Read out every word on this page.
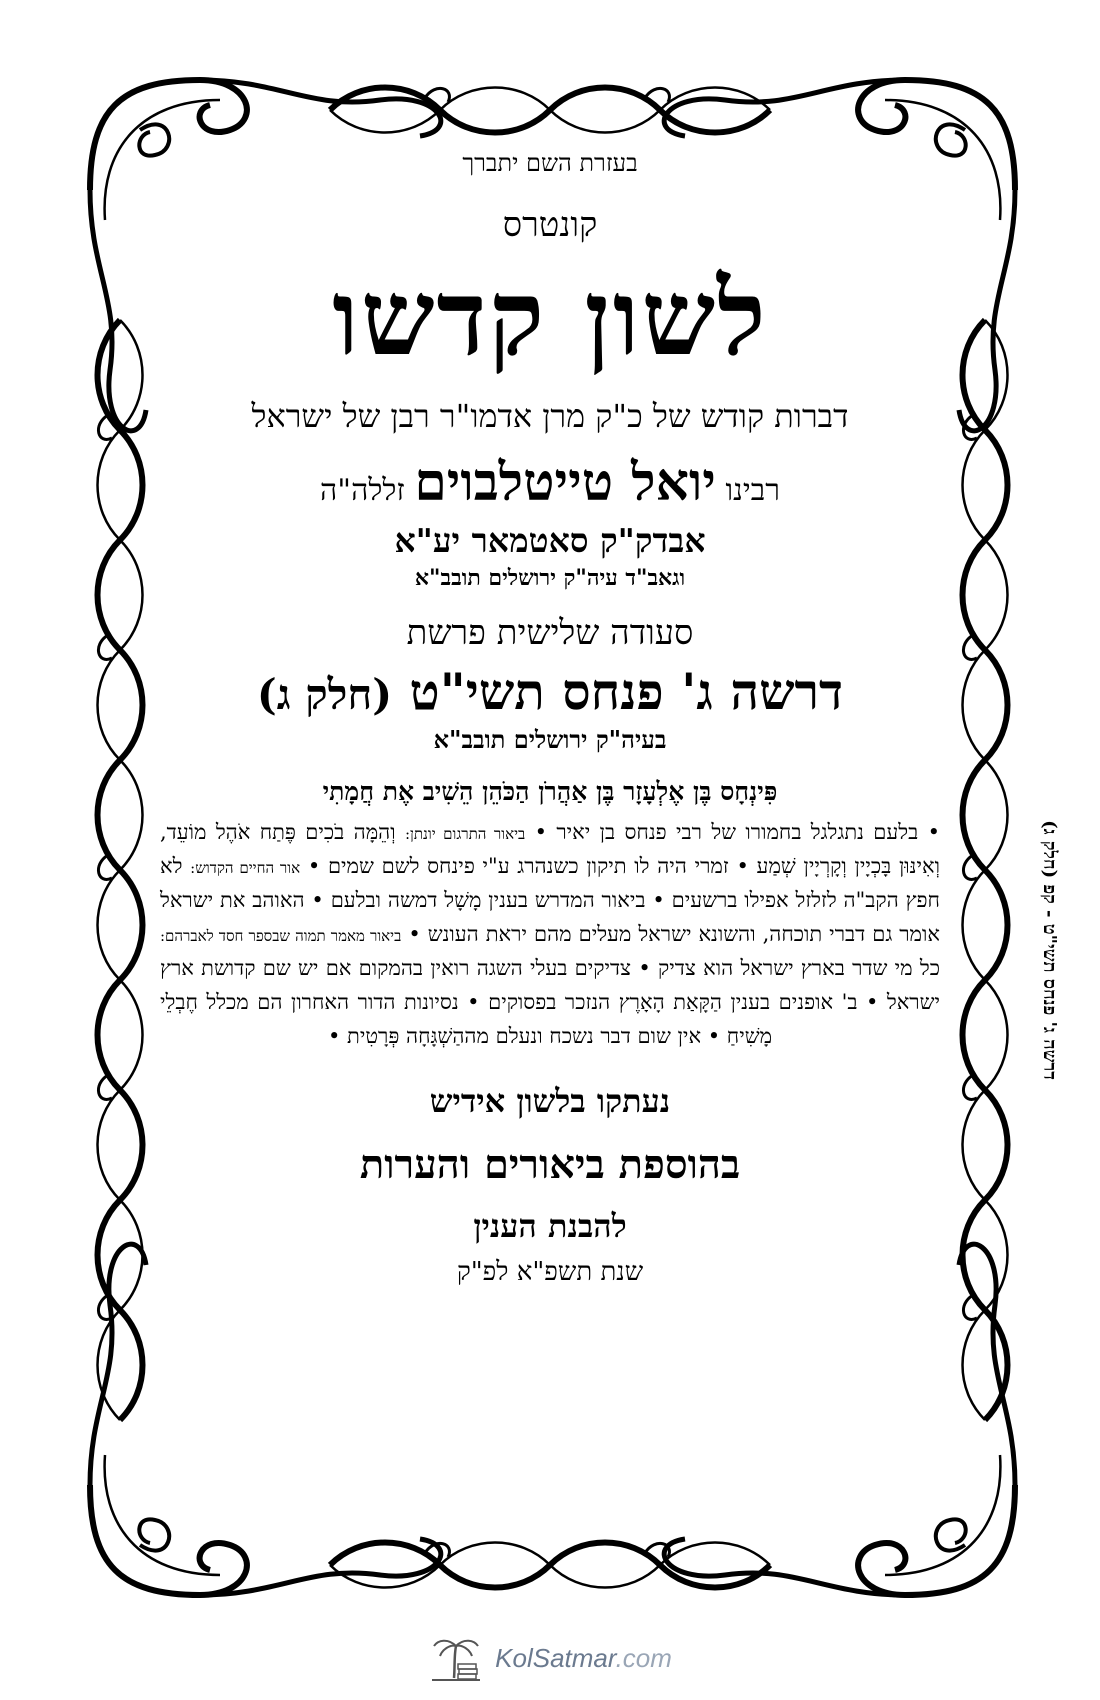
בעזרת השם יתברך

קונטרס

לשון קדשו

דברות קודש של כ"ק מרן אדמו"ר רבן של ישראל

רבינו יואל טייטלבוים זללה"ה

אבדק"ק סאטמאר יע"א

וגאב"ד עיה"ק ירושלים תובב"א

סעודה שלישית פרשת

דרשה ג' פנחס תשי"ט (חלק ג)

בעיה"ק ירושלים תובב"א

פִּינְחָס בֶּן אֶלְעָזָר בֶּן אַהֲרֹן הַכֹּהֵן הֵשִׁיב אֶת חֲמָתִי

• בלעם נתגלגל בחמורו של רבי פנחס בן יאיר • ביאור התרגום יונתן: וְהֵמָּה בֹכִים פֶּתַח אֹהֶל מוֹעֵד, וְאִינּוּן בָּכְיָין וְקָרְיָין שְׁמַע • זמרי היה לו תיקון כשנהרג ע"י פינחס לשם שמים • אור החיים הקדוש: לא חפץ הקב"ה לזלזל אפילו ברשעים • ביאור המדרש בענין מָשָׁל דמשה ובלעם • האוהב את ישראל אומר גם דברי תוכחה, והשונא ישראל מעלים מהם יראת העונש • ביאור מאמר תמוה שבספר חסד לאברהם: כל מי שדר בארץ ישראל הוא צדיק • צדיקים בעלי השגה רואין בהמקום אם יש שם קדושת ארץ ישראל • ב' אופנים בענין הַקָּאַת הָאָרֶץ הנזכר בפסוקים • נסיונות הדור האחרון הם מכלל חֶבְלֵי מָשִׁיחַ • אין שום דבר נשכח ונעלם מההַשְׁגָּחָה פְּרָטִית •

נעתקו בלשון אידיש

בהוספת ביאורים והערות

להבנת הענין

שנת תשפ"א לפ"ק

דרשה ג' פנחס תשי"ט - קפ (חלק ג)
KolSatmar.com
